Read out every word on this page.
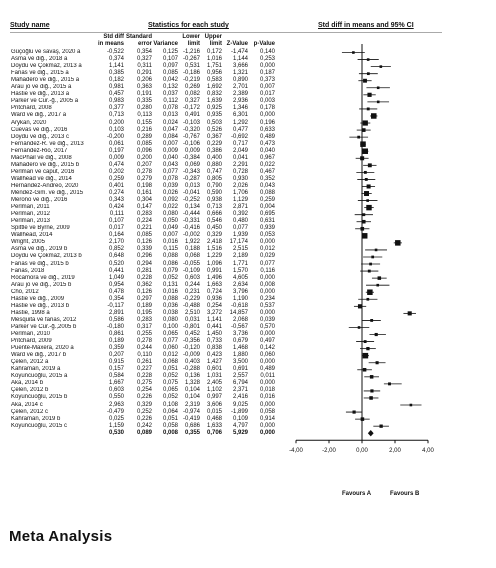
Study name	Statistics for each study	Std diff in means and 95% CI
Std diff
in means
Standard
error Variance
Lower
limit
Upper
limit Z-Value p-Value
Güçoğlu ve savaş, 2020 a	-0,522 0,354 0,125 -1,216 0,172 -1,474 0,140
Asma ve diğ., 2018 a	0,374 0,327 0,107 -0,267 1,016 1,144 0,253
Doydu ve Çokmaz, 2013 a	1,141 0,311 0,097 0,531 1,751 3,666 0,000
Farias ve diğ., 2015 a	0,385 0,291 0,085 -0,186 0,956 1,321 0,187
Mahadero ve diğ., 2015 a	0,182 0,206 0,042 -0,219 0,583 0,890 0,373
Arau´jo ve diğ., 2015 a	0,981 0,363 0,132 0,269 1,692 2,701 0,007
Hastie ve diğ., 2013 a	0,457 0,191 0,037 0,082 0,832 2,389 0,017
Parker ve Cur.-ğ., 2005 a	0,983 0,335 0,112 0,327 1,639 2,936 0,003
Pritchard, 2008	0,377 0,280 0,078 -0,172 0,925 1,346 0,178
Ward ve diğ., 2017 a	0,713 0,113 0,013 0,491 0,935 6,301 0,000
Arykan, 2020	0,200 0,155 0,024 -0,103 0,503 1,292 0,196
Cuevas ve diğ., 2016	0,103 0,216 0,047 -0,320 0,526 0,477 0,633
Doydu ve diğ., 2013 c	-0,200 0,289 0,084 -0,767 0,367 -0,692 0,489
Fernández-R. ve diğ., 2013	0,061 0,085 0,007 -0,106 0,229 0,717 0,473
Fernandez-Rio, 2017	0,197 0,096 0,009 0,009 0,386 2,049 0,040
MacPhail ve diğ., 2008	0,009 0,200 0,040 -0,384 0,400 0,041 0,967
Mahadero ve diğ., 2015 b	0,474 0,207 0,043 0,069 0,880 2,291 0,022
Perlman ve caput, 2016	0,202 0,278 0,077 -0,343 0,747 0,728 0,467
Wallhead ve diğ., 2014	0,259 0,279 0,078 -0,287 0,805 0,930 0,352
Hernández-Andreo, 2020	0,401 0,198 0,039 0,013 0,790 2,026 0,043
Méndez-Gim. ve diğ., 2015	0,274 0,161 0,026 -0,041 0,590 1,706 0,088
Meroño ve diğ., 2016	0,343 0,304 0,092 -0,252 0,938 1,129 0,259
Perlman, 2011	0,424 0,147 0,022 0,134 0,713 2,871 0,004
Perlman, 2012	0,111 0,283 0,080 -0,444 0,666 0,392 0,695
Perlman, 2013	0,107 0,224 0,050 -0,331 0,546 0,480 0,631
Spittle ve Byrne, 2009	0,017 0,221 0,049 -0,416 0,450 0,077 0,939
Wallhead, 2014	0,164 0,085 0,007 -0,002 0,329 1,939 0,053
Wright, 2005	2,170 0,126 0,016 1,922 2,418 17,174 0,000
Asma ve diğ., 2019 b	0,852 0,339 0,115 0,188 1,516 2,515 0,012
Doydu ve Çokmaz, 2013 b	0,648 0,296 0,088 0,068 1,229 2,189 0,029
Farias ve diğ., 2015 b	0,520 0,294 0,086 -0,055 1,096 1,771 0,077
Farias, 2018	0,441 0,281 0,079 -0,109 0,991 1,570 0,116
Rocamora ve diğ., 2019	1,049 0,228 0,052 0,603 1,496 4,605 0,000
Arau´jo ve diğ., 2015 b	0,954 0,362 0,131 0,244 1,663 2,634 0,008
Cho, 2012	0,478 0,126 0,016 0,231 0,724 3,796 0,000
Hastie ve diğ., 2009	0,354 0,297 0,088 -0,229 0,936 1,190 0,234
Hastie ve diğ., 2013 b	-0,117 0,189 0,036 -0,488 0,254 -0,618 0,537
Hastie, 1998 a	2,891 0,195 0,038 2,510 3,272 14,857 0,000
Mesquita ve farias, 2012	0,586 0,283 0,080 0,031 1,141 2,068 0,039
Parker ve Cur.-ğ.,2005 b	-0,180 0,317 0,100 -0,801 0,441 -0,567 0,570
Perlman, 2010	0,861 0,255 0,065 0,452 1,450 3,736 0,000
Pritchard, 2009	0,189 0,278 0,077 -0,356 0,733 0,679 0,497
Puente-Maxera, 2020 a	0,359 0,244 0,060 -0,120 0,838 1,468 0,142
Ward ve diğ., 2017 b	0,207 0,110 0,012 -0,009 0,423 1,880 0,060
Çelen, 2012 a	0,915 0,261 0,068 0,403 1,427 3,500 0,000
Kahraman, 2019 a	0,157 0,227 0,051 -0,288 0,601 0,691 0,489
Koyuncuoğlu, 2015 a	0,584 0,228 0,052 0,136 1,031 2,557 0,011
Aka, 2014 b	1,667 0,275 0,075 1,328 2,405 6,794 0,000
Çelen, 2012 b	0,603 0,254 0,065 0,104 1,102 2,371 0,018
Koyuncuoğlu, 2015 b	0,550 0,226 0,052 0,104 0,997 2,416 0,016
Aka, 2014 c	2,963 0,329 0,108 2,319 3,606 9,025 0,000
Çelen, 2012 c	-0,479 0,252 0,064 -0,974 0,015 -1,899 0,058
Kahraman, 2019 b	0,025 0,226 0,051 -0,419 0,468 0,109 0,914
Koyuncuoğlu, 2015 c	1,159 0,242 0,058 0,686 1,633 4,797 0,000
0,530 0,089 0,008 0,355 0,706 5,929 0,000
-4,00	-2,00	0,00	2,00	4,00
Favours A	Favours B
Meta Analysis
